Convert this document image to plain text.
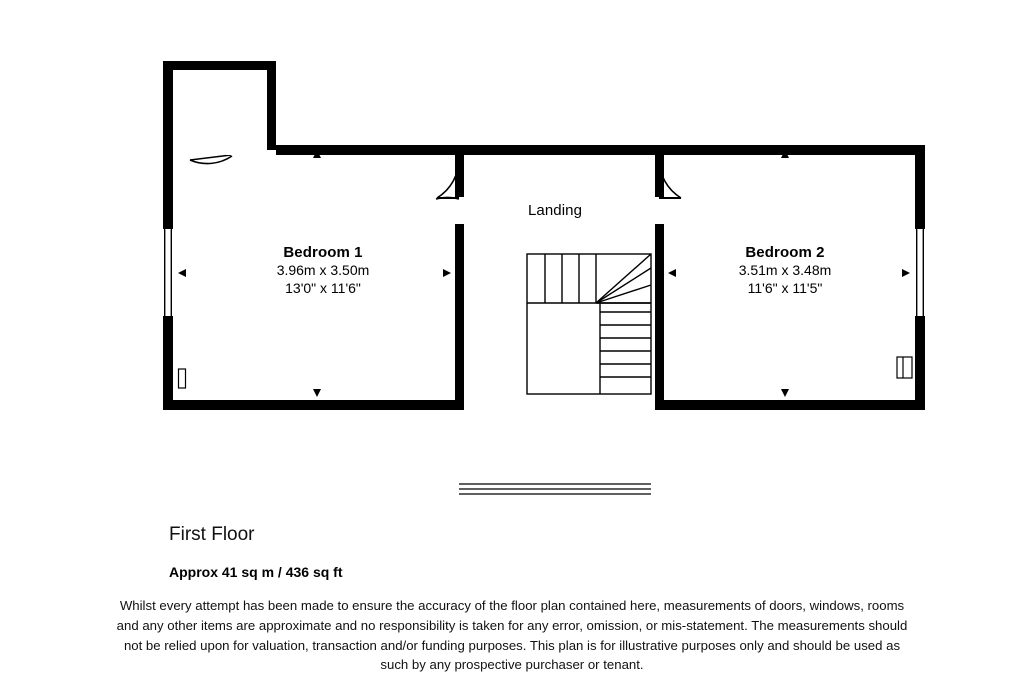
Bedroom 1
3.96m x 3.50m
13'0" x 11'6"
Bedroom 2
3.51m x 3.48m
11'6" x 11'5"
Landing
First Floor
Approx 41 sq m / 436 sq ft
Whilst every attempt has been made to ensure the accuracy of the floor plan contained here, measurements of doors, windows, rooms and any other items are approximate and no responsibility is taken for any error, omission, or mis-statement. The measurements should not be relied upon for valuation, transaction and/or funding purposes. This plan is for illustrative purposes only and should be used as such by any prospective purchaser or tenant.
